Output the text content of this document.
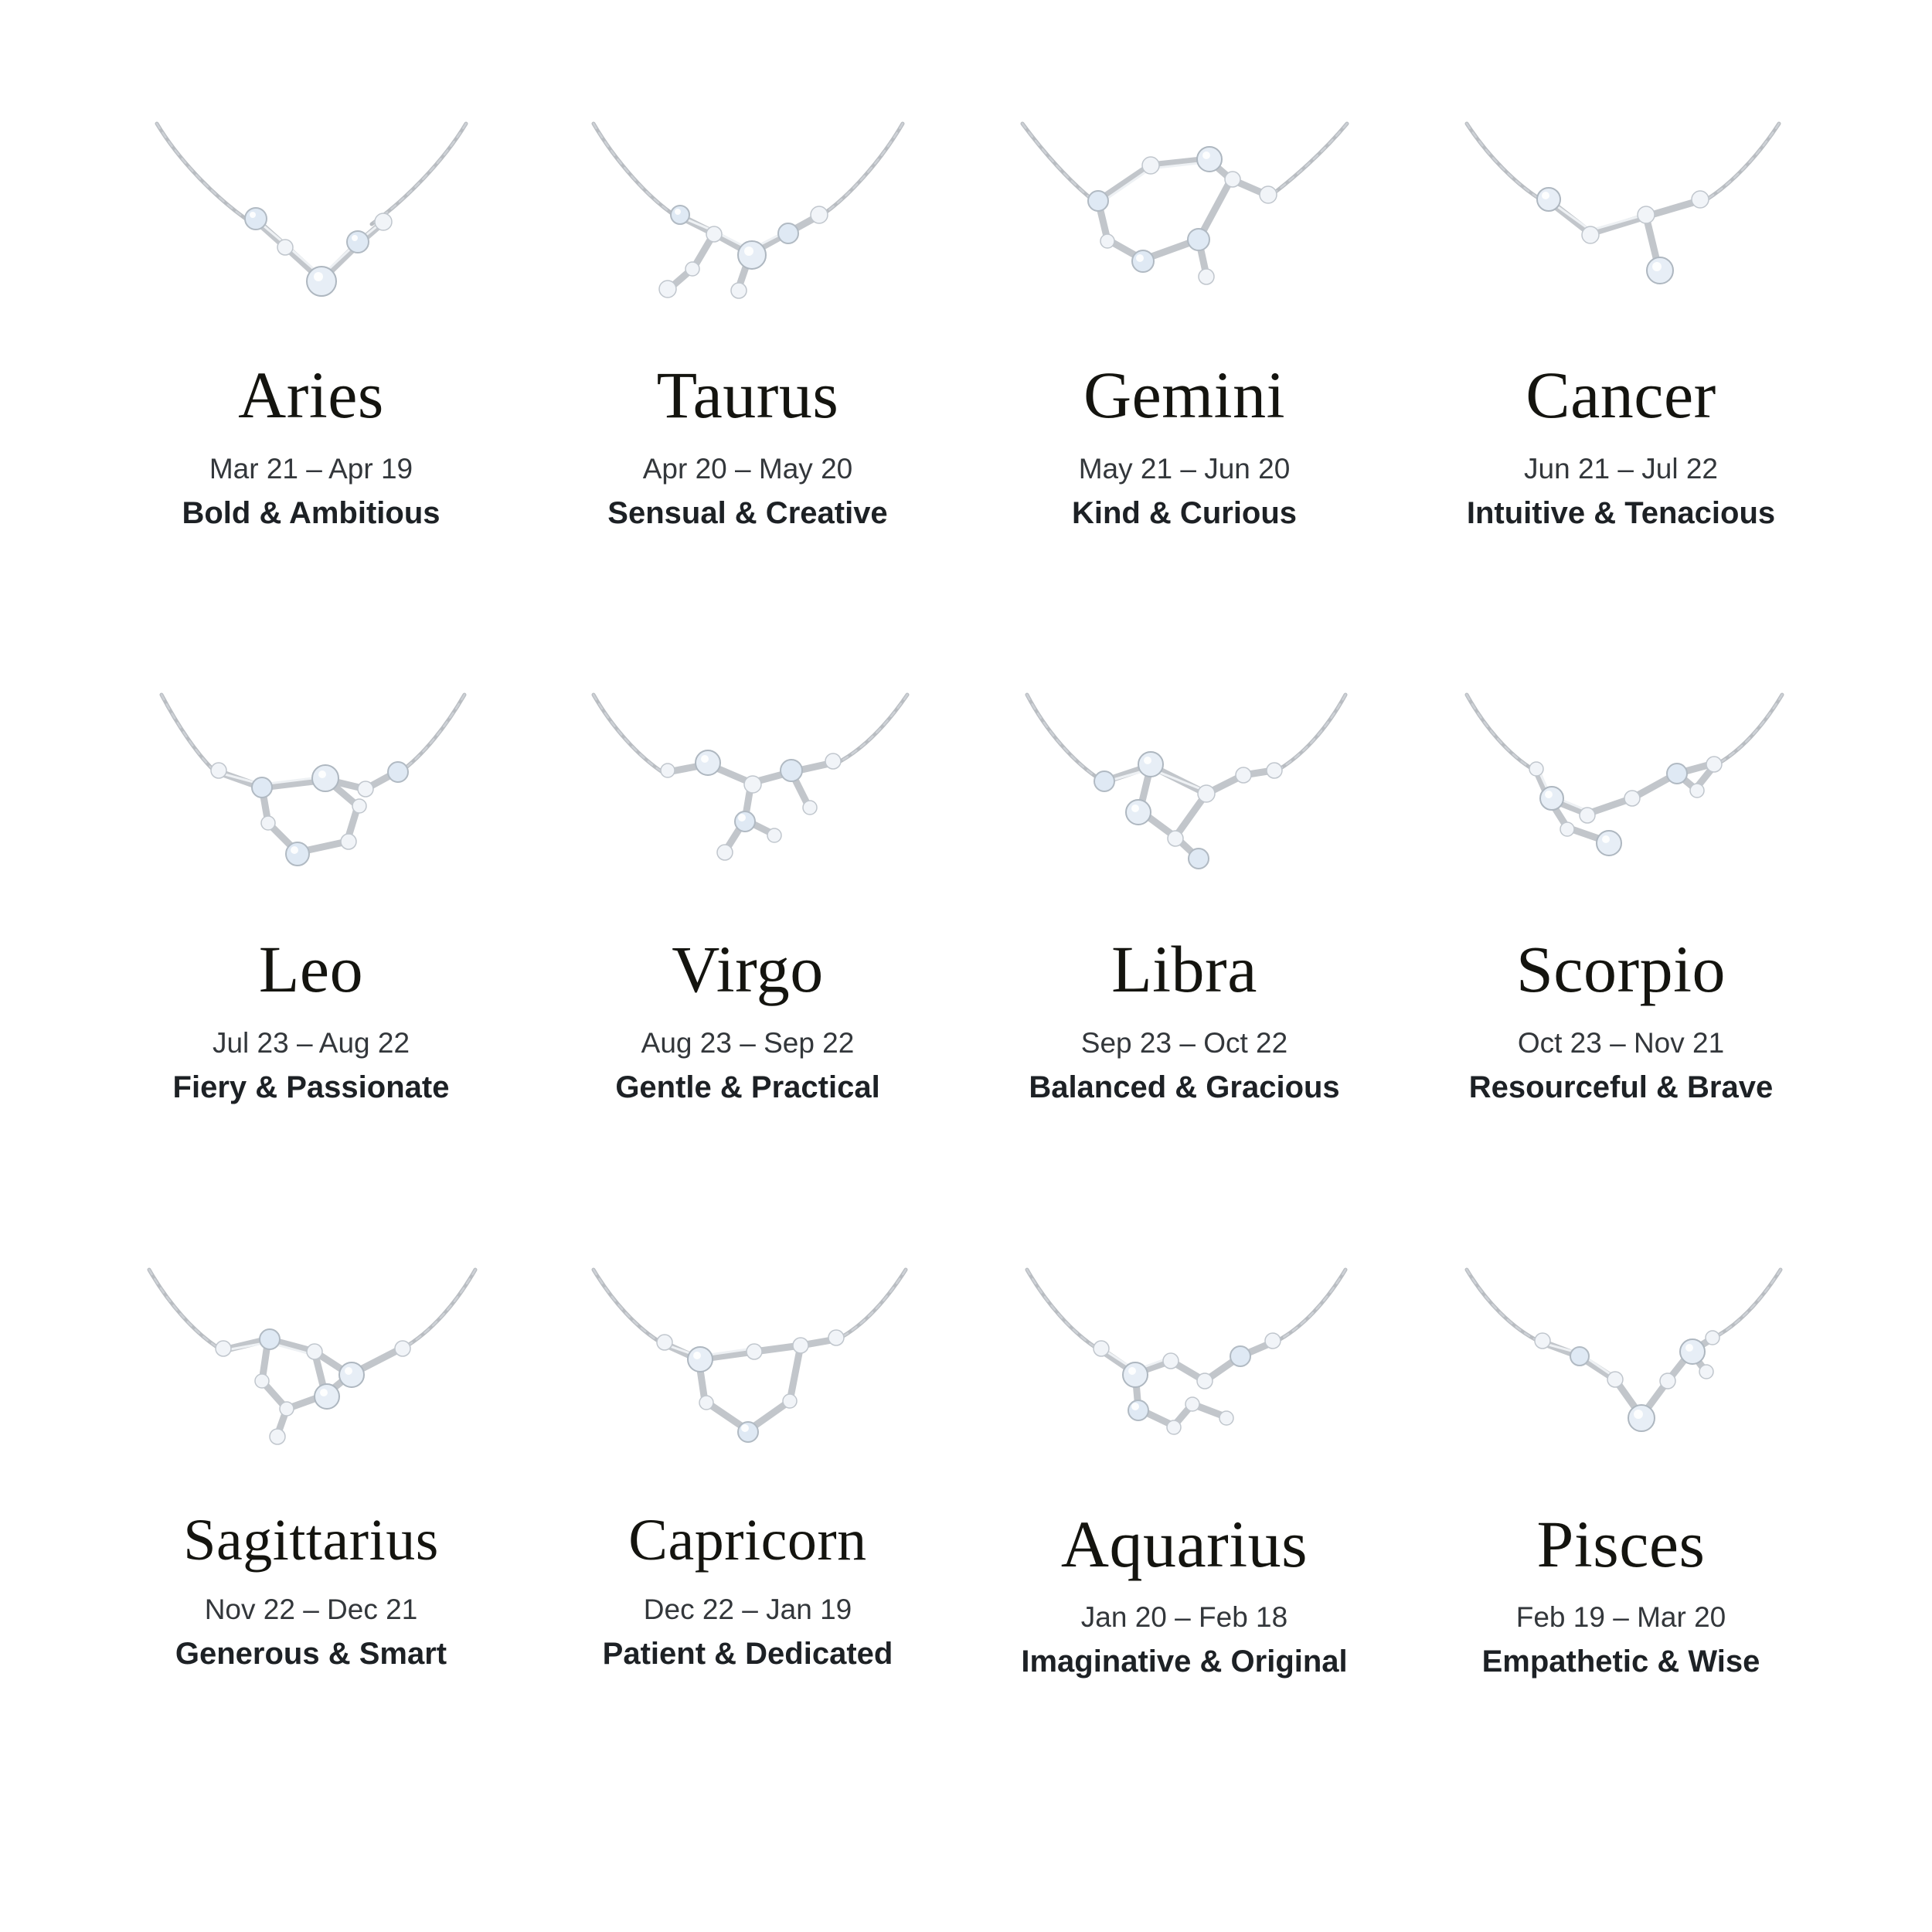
Aries
Mar 21 – Apr 19
Bold & Ambitious
Taurus
Apr 20 – May 20
Sensual & Creative
Gemini
May 21 – Jun 20
Kind & Curious
Cancer
Jun 21 – Jul 22
Intuitive & Tenacious
Leo
Jul 23 – Aug 22
Fiery & Passionate
Virgo
Aug 23 – Sep 22
Gentle & Practical
Libra
Sep 23 – Oct 22
Balanced & Gracious
Scorpio
Oct 23 – Nov 21
Resourceful & Brave
Sagittarius
Nov 22 – Dec 21
Generous & Smart
Capricorn
Dec 22 – Jan 19
Patient & Dedicated
Aquarius
Jan 20 – Feb 18
Imaginative & Original
Pisces
Feb 19 – Mar 20
Empathetic & Wise
